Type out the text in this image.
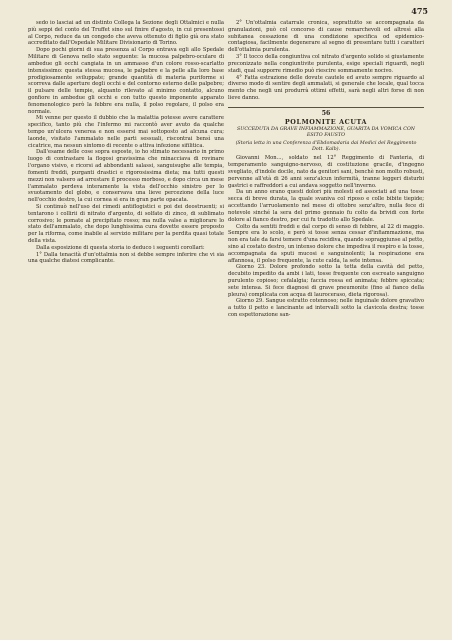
475

sedo io lasciai ad un distinto Collega la Sezione degli Ottalmici e nulla più seppi del conto del Truffet sino sul finire d'agosto, in cui presentossi al Corpo, reduce da un congedo che aveva ottenuto di figlio già ora stato accreditato dall'Ospedale Militare Divisionario di Torino.

Dopo pochi giorni di sua presenza al Corpo entrava egli allo Spedale Militare di Genova nello stato seguente: la mucosa palpebro-oculare di ambedue gli occhi cangiata in un ammasso d'un colore rosso-scarlatto intensissimo: questa stessa mucosa, le palpebre e la pelle alla loro base prodigiosamente sviluppate; grande quantità di materia puriforme si scorreva dalle aperture degli occhi e del contorno esterno delle palpebre; il pulsare delle tempie, alquanto rilevato al minimo contatto, alcuno gonfiore in ambedue gli occhi e con tutto questo imponente apparato fenomenologico però la febbre era nulla, il polso regolare, il polso era normale.

Mi venne per questo il dubbio che la malattia potesse avere carattere specifico, tanto più che l'infermo mi raccontò aver avuto da qualche tempo un'ulcera venerea e non essersi mai sottoposto ad alcuna cura; laonde, visitato l'ammalato nelle parti sessuali, riscontrai bensì una cicatrice, ma nessun sintomo di recente o attiva infezione sifilitica.

Dall'esame delle cose sopra esposte, io ho stimato necessario in primo luogo di contrastare la flogosi gravissima che minacciava di rovinare l'organo visivo, e ricorsi ad abbondanti salassi, sanguisughe alle tempia, fomenti freddi, purganti drastici e rigorosissima dieta; ma tutti questi mezzi non valsero ad arrestare il processo morboso, e dopo circa un mese l'ammalato perdeva interamente la vista dell'occhio sinistro per lo svuotamento del globo, e conservava una lieve percezione della luce nell'occhio destro, la cui cornea si era in gran parte opacata.

Si continuò nell'uso dei rimedi antiflogistici e poi dei deostruenti; si tentarono i collirii di nitrato d'argento, di solfato di zinco, di sublimato corrosivo; le pomate al precipitato rosso; ma nulla valse a migliorare lo stato dell'ammalato, che dopo lunghissima cura dovette essere proposto per la riforma, come inabile al servizio militare per la perdita quasi totale della vista.

Dalla esposizione di questa storia io deduco i seguenti corollari:

1° Dalla tenacità d'un'ottalmia non si debbe sempre inferire che vi sia una qualche diatesi complicante.

2° Un'ottalmia catarrale cronica, soprattutto se accompagnata da granulazioni, può col concorso di cause remarchevoli ed altresì alla subitanea cessazione di una condizione specifica od epidemico-contagiosa, facilmente degenerare al segno di presentare tutti i caratteri dell'ottalmia purulenta.

3° Il tocco della congiuntiva col nitrato d'argento solido si giustamente preconizzato nella congiuntivite purulenta, esige speciali riguardi, negli stadi, qual supporre rimedio può riescire sommamente nocivo.

4° Fatta estrazione delle dovute cautele ed avuto sempre riguardo al diverso modo di sentire degli ammalati, si generale che locale, qual tocca mento che negli uni produrrà ottimi effetti, sarà negli altri forse di non lieve danno.

56
POLMONITE ACUTA
SUCCEDUTA DA GRAVE INFIAMMAZIONE, GUARITA DA VOMICA CON ESITO FAUSTO
(Storia letta in una Conferenza d'Ebdomadaria dai Medici del Reggimento Dott. Kalb).

Giovanni Mon..., soldato nel 12° Reggimento di Fanteria, di temperamento sanguigno-nervoso, di costituzione gracile, d'ingegno svegliato, d'indole docile, nato da genitori sani, benchè non molto robusti, pervenne all'età di 26 anni senz'alcun infermità, tranne leggeri disturbi gastrici e raffreddori a cui andava soggetto nell'inverno.

Da un anno erano questi dolori più molesti ed associati ad una tosse secca di breve durata, la quale svaniva col riposo e colle bibite tiepide; accettando l'arruolamento nel mese di ottobre senz'altro, nulla fece di notevole sinché la sera del primo gennaio fu colto da brividi con forte dolore al fianco destro, per cui fu tradotto allo Spedale.

Colto da sentiti freddi e dal corpo di senso di febbre, al 22 di maggio. Sempre era lo scolo, e però si tosse senza cessar d'infiammazione, ma non era tale da farsi temere d'una recidiva, quando sopraggiunse al petto, sino al costato destro, un intenso dolore che impediva il respiro e la tosse, accompagnata da sputi mucosi e sanguinolenti; la respirazione era affannosa, il polso frequente, la cute calda, la sete intensa.

Giorno 23. Dolore profondo sotto la tetta della cavità del petto, decubito impedito da ambi i lati, tosse frequente con escreato sanguigno purulento copioso; cefalalgia; faccia rossa ed animata; febbre spiccata; sete intensa. Si fece diagnosi di grave pneumonite (fino al fianco della pleura) complicata con acqua di lauroceraso, dieta rigorosa).

Giorno 29. Sangue estratto cotennoso; nelle inguinale dolore gravativo a tutto il petto e lancinante ad intervalli sotto la clavicola destra; tosse con espettorazione san-
